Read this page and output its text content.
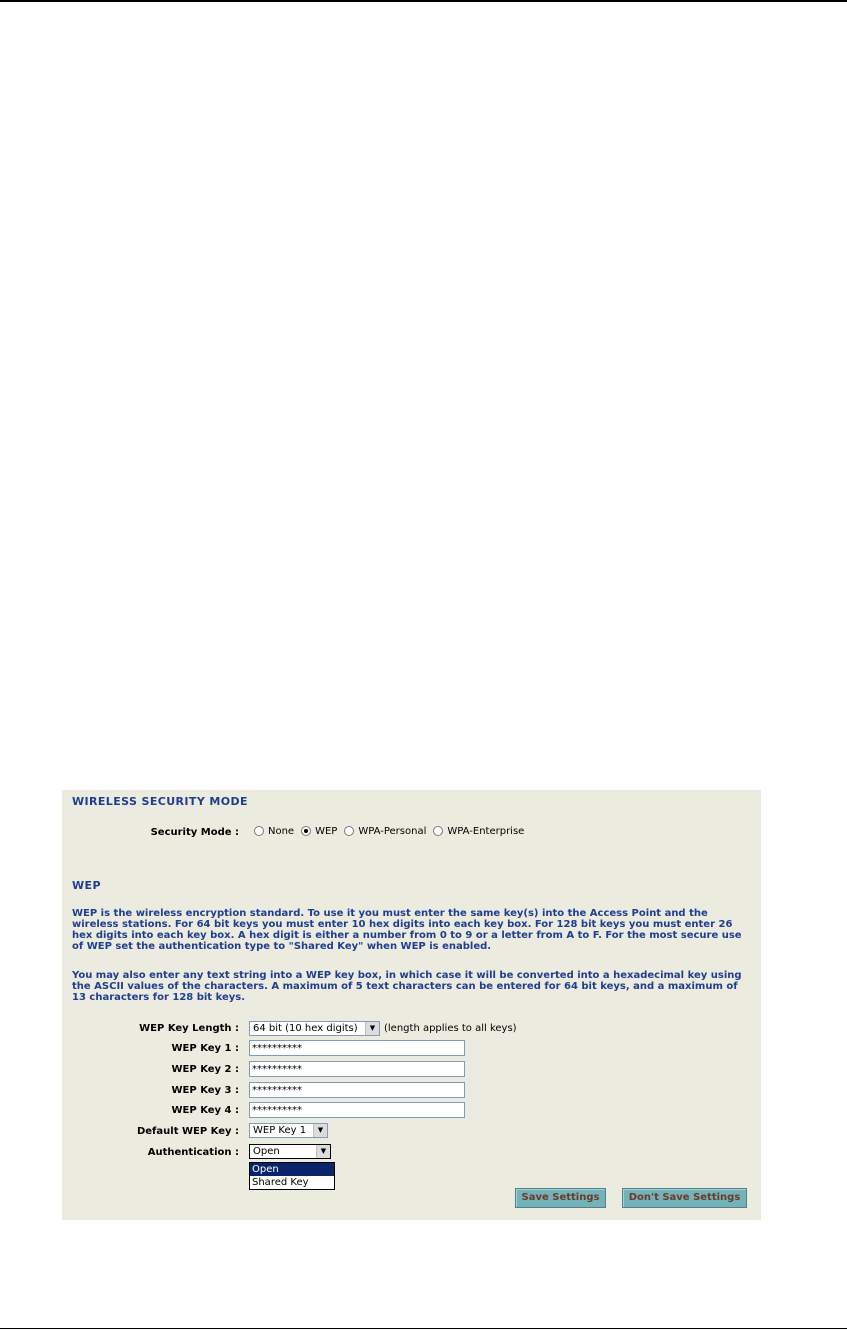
WIRELESS SECURITY MODE
Security Mode :	None WEP WPA-Personal WPA-Enterprise
WEP
WEP is the wireless encryption standard. To use it you must enter the same key(s) into the Access Point and the wireless stations. For 64 bit keys you must enter 10 hex digits into each key box. For 128 bit keys you must enter 26 hex digits into each key box. A hex digit is either a number from 0 to 9 or a letter from A to F. For the most secure use of WEP set the authentication type to "Shared Key" when WEP is enabled.
You may also enter any text string into a WEP key box, in which case it will be converted into a hexadecimal key using the ASCII values of the characters. A maximum of 5 text characters can be entered for 64 bit keys, and a maximum of 13 characters for 128 bit keys.
WEP Key Length :	64 bit (10 hex digits)	▼ (length applies to all keys)
WEP Key 1 :
**********
WEP Key 2 :
**********
WEP Key 3 :
**********
WEP Key 4 :
**********
Default WEP Key :	WEP Key 1	▼
Authentication :	Open	▼
Open
Shared Key
Save Settings	Don't Save Settings
